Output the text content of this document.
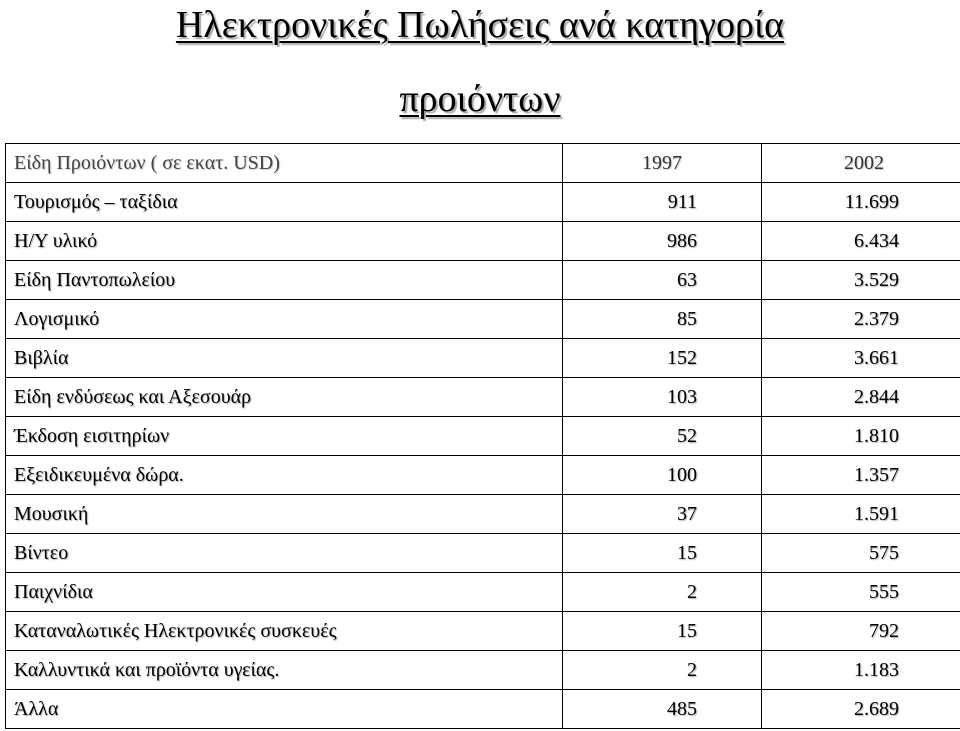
Ηλεκτρονικές Πωλήσεις ανά κατηγορία
προιόντων
Είδη Προιόντων ( σε εκατ. USD)	1997	2002
Τουρισμός – ταξίδια	911	11.699
Η/Υ υλικό	986	6.434
Είδη Παντοπωλείου	63	3.529
Λογισμικό	85	2.379
Βιβλία	152	3.661
Είδη ενδύσεως και Αξεσουάρ	103	2.844
Έκδοση εισιτηρίων	52	1.810
Εξειδικευμένα δώρα.	100	1.357
Μουσική	37	1.591
Βίντεο	15	575
Παιχνίδια	2	555
Καταναλωτικές Ηλεκτρονικές συσκευές	15	792
Καλλυντικά και προϊόντα υγείας.	2	1.183
Άλλα	485	2.689
